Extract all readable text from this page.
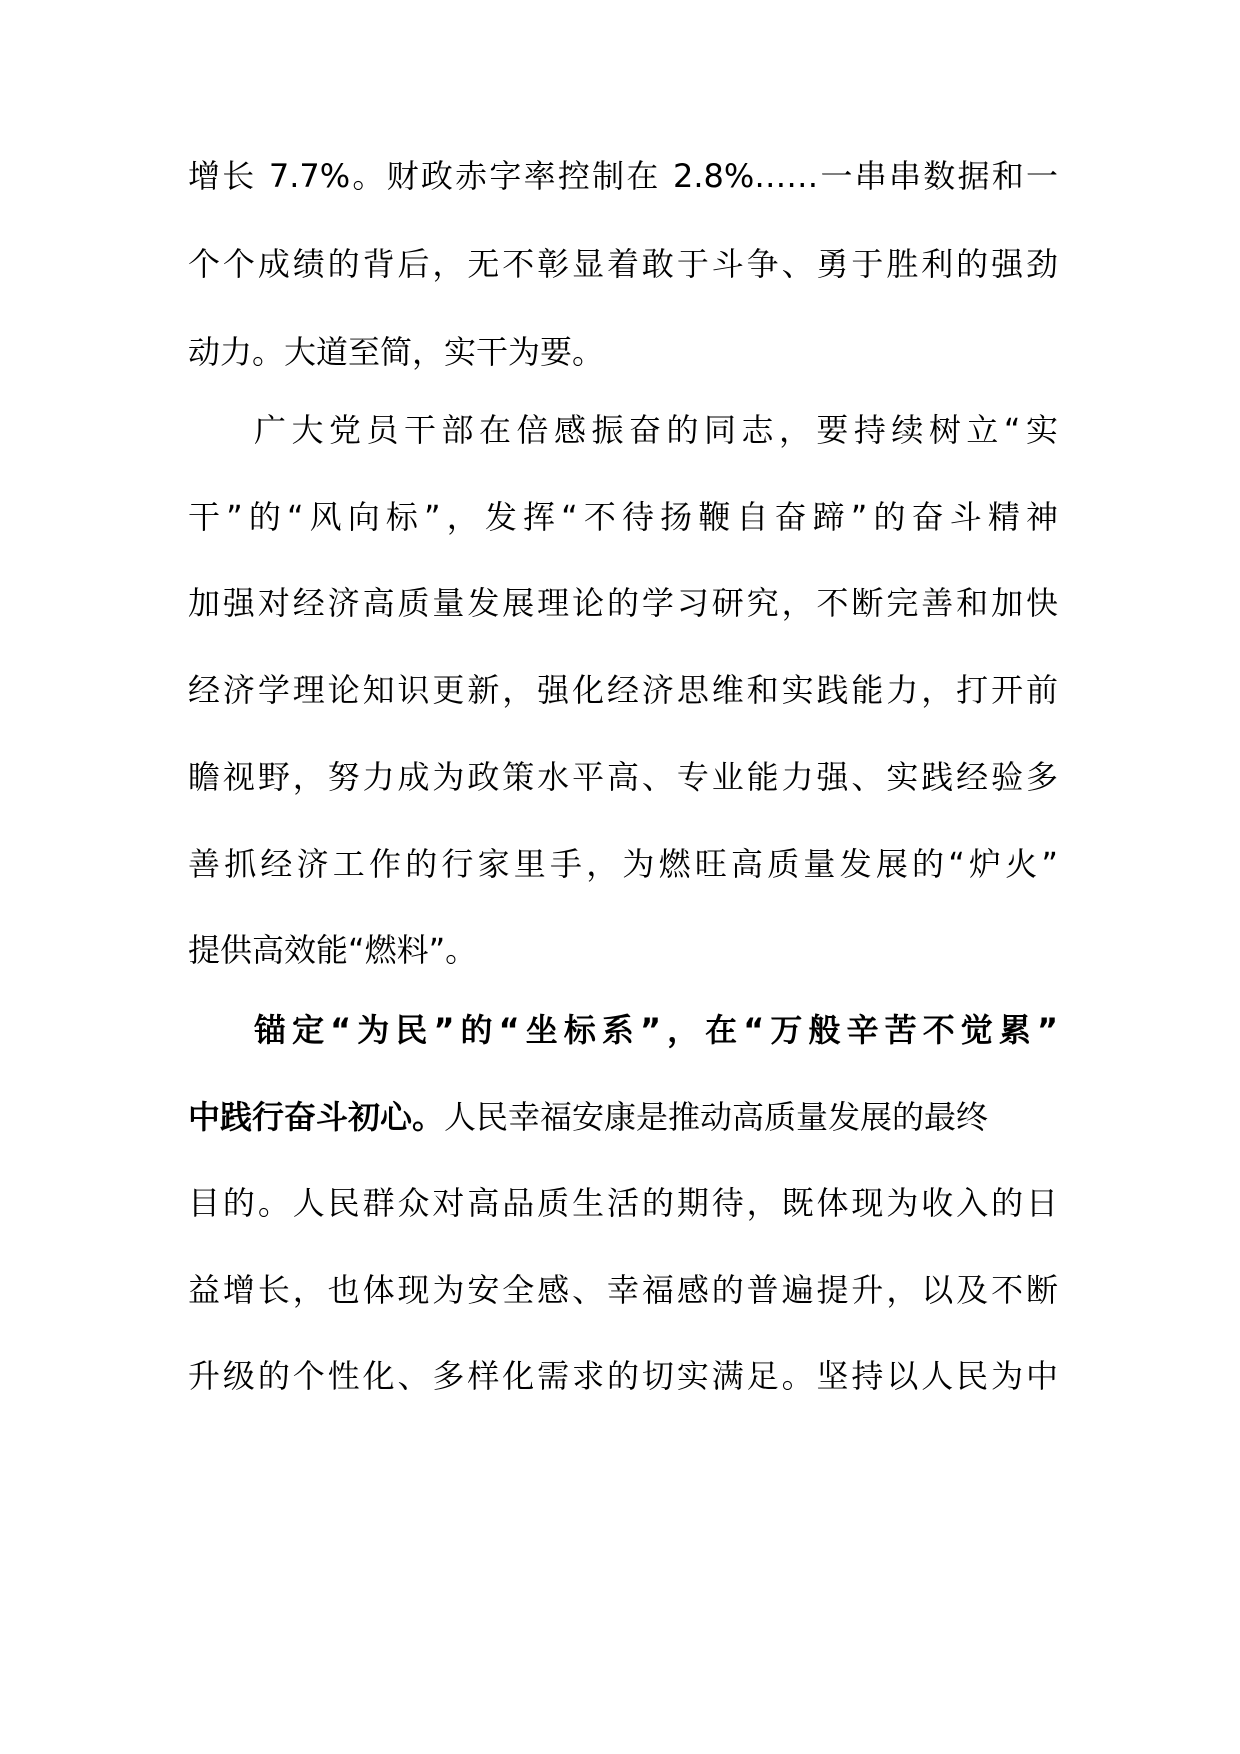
增长 7.7%。财政赤字率控制在 2.8%……一串串数据和一
个个成绩的背后，无不彰显着敢于斗争、勇于胜利的强劲
动力。大道至简，实干为要。
广大党员干部在倍感振奋的同志，要持续树立“实
干”的“风向标”，发挥“不待扬鞭自奋蹄”的奋斗精神
加强对经济高质量发展理论的学习研究，不断完善和加快
经济学理论知识更新，强化经济思维和实践能力，打开前
瞻视野，努力成为政策水平高、专业能力强、实践经验多
善抓经济工作的行家里手，为燃旺高质量发展的“炉火”
提供高效能“燃料”。
锚定“为民”的“坐标系”，在“万般辛苦不觉累”
中践行奋斗初心。人民幸福安康是推动高质量发展的最终
目的。人民群众对高品质生活的期待，既体现为收入的日
益增长，也体现为安全感、幸福感的普遍提升，以及不断
升级的个性化、多样化需求的切实满足。坚持以人民为中
